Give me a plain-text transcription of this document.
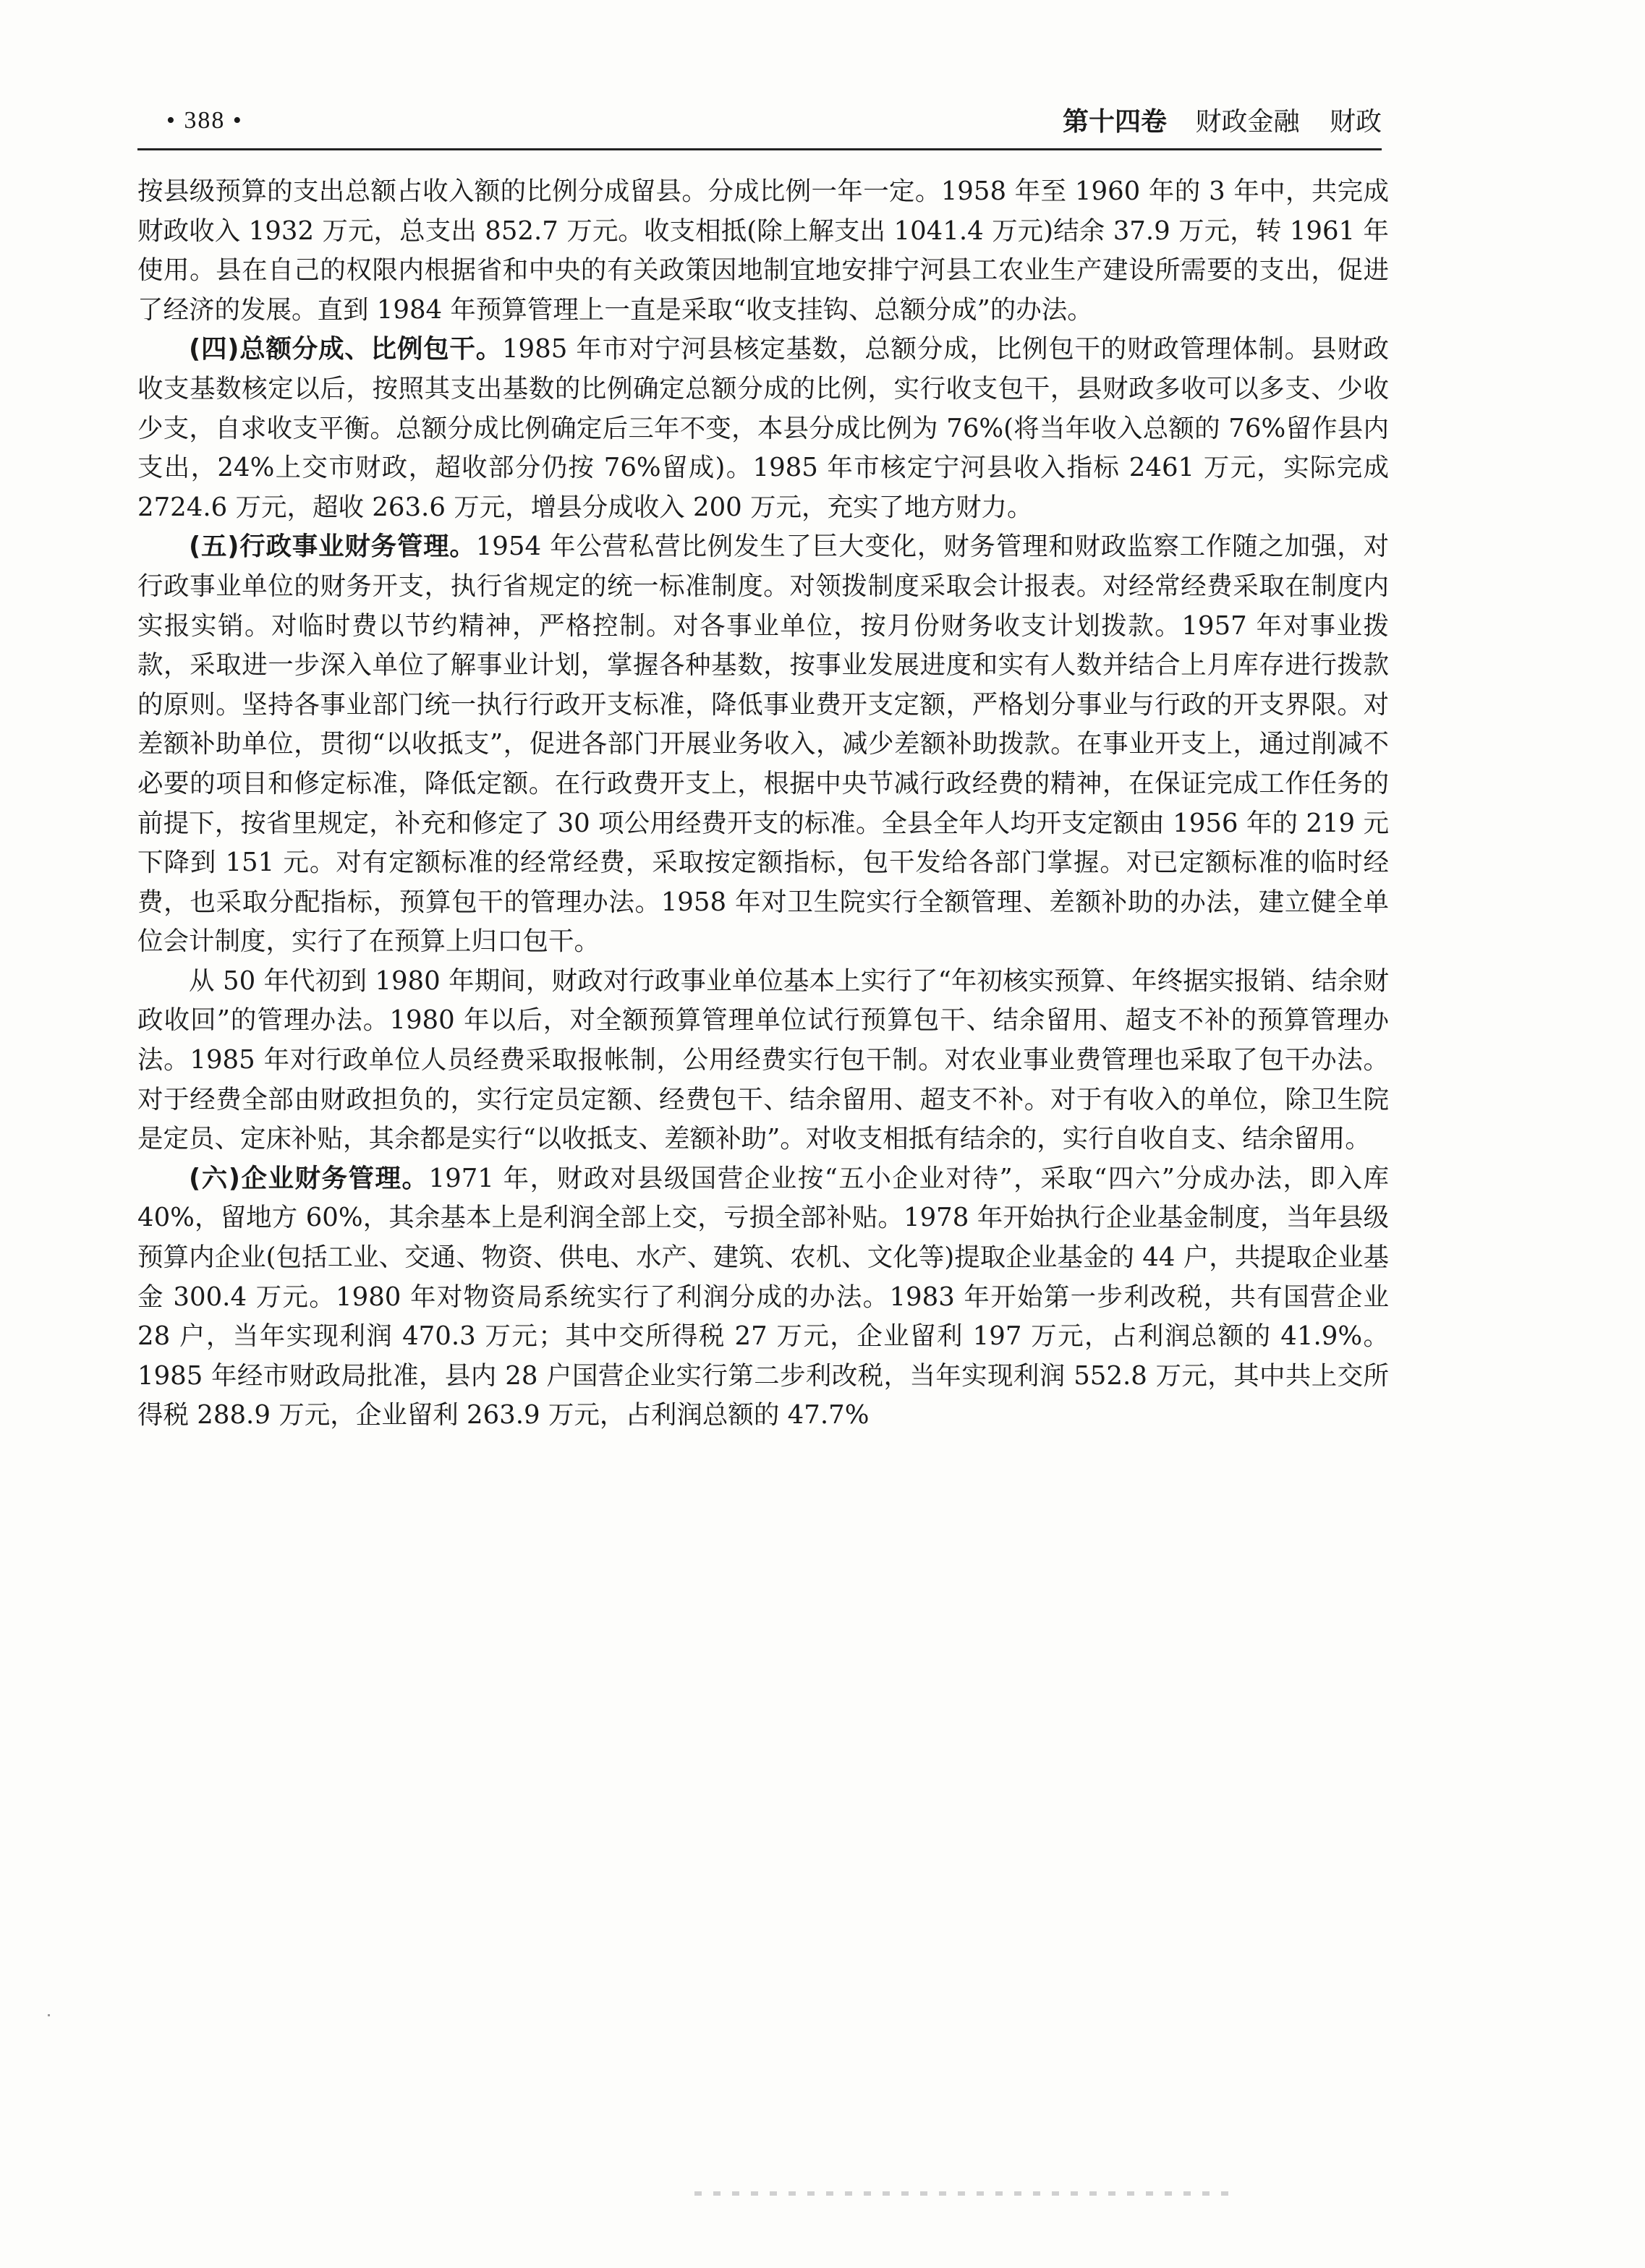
• 388 •	第十四卷 财政金融 财政

按县级预算的支出总额占收入额的比例分成留县。分成比例一年一定。1958 年至 1960 年的 3 年中，共完成财政收入 1932 万元，总支出 852.7 万元。收支相抵(除上解支出 1041.4 万元)结余 37.9 万元，转 1961 年使用。县在自己的权限内根据省和中央的有关政策因地制宜地安排宁河县工农业生产建设所需要的支出，促进了经济的发展。直到 1984 年预算管理上一直是采取“收支挂钩、总额分成”的办法。

(四)总额分成、比例包干。1985 年市对宁河县核定基数，总额分成，比例包干的财政管理体制。县财政收支基数核定以后，按照其支出基数的比例确定总额分成的比例，实行收支包干，县财政多收可以多支、少收少支，自求收支平衡。总额分成比例确定后三年不变，本县分成比例为 76%(将当年收入总额的 76%留作县内支出，24%上交市财政，超收部分仍按 76%留成)。1985 年市核定宁河县收入指标 2461 万元，实际完成 2724.6 万元，超收 263.6 万元，增县分成收入 200 万元，充实了地方财力。

(五)行政事业财务管理。1954 年公营私营比例发生了巨大变化，财务管理和财政监察工作随之加强，对行政事业单位的财务开支，执行省规定的统一标准制度。对领拨制度采取会计报表。对经常经费采取在制度内实报实销。对临时费以节约精神，严格控制。对各事业单位，按月份财务收支计划拨款。1957 年对事业拨款，采取进一步深入单位了解事业计划，掌握各种基数，按事业发展进度和实有人数并结合上月库存进行拨款的原则。坚持各事业部门统一执行行政开支标准，降低事业费开支定额，严格划分事业与行政的开支界限。对差额补助单位，贯彻“以收抵支”，促进各部门开展业务收入，减少差额补助拨款。在事业开支上，通过削减不必要的项目和修定标准，降低定额。在行政费开支上，根据中央节减行政经费的精神，在保证完成工作任务的前提下，按省里规定，补充和修定了 30 项公用经费开支的标准。全县全年人均开支定额由 1956 年的 219 元下降到 151 元。对有定额标准的经常经费，采取按定额指标，包干发给各部门掌握。对已定额标准的临时经费，也采取分配指标，预算包干的管理办法。1958 年对卫生院实行全额管理、差额补助的办法，建立健全单位会计制度，实行了在预算上归口包干。

从 50 年代初到 1980 年期间，财政对行政事业单位基本上实行了“年初核实预算、年终据实报销、结余财政收回”的管理办法。1980 年以后，对全额预算管理单位试行预算包干、结余留用、超支不补的预算管理办法。1985 年对行政单位人员经费采取报帐制，公用经费实行包干制。对农业事业费管理也采取了包干办法。对于经费全部由财政担负的，实行定员定额、经费包干、结余留用、超支不补。对于有收入的单位，除卫生院是定员、定床补贴，其余都是实行“以收抵支、差额补助”。对收支相抵有结余的，实行自收自支、结余留用。

(六)企业财务管理。1971 年，财政对县级国营企业按“五小企业对待”，采取“四六”分成办法，即入库 40%，留地方 60%，其余基本上是利润全部上交，亏损全部补贴。1978 年开始执行企业基金制度，当年县级预算内企业(包括工业、交通、物资、供电、水产、建筑、农机、文化等)提取企业基金的 44 户，共提取企业基金 300.4 万元。1980 年对物资局系统实行了利润分成的办法。1983 年开始第一步利改税，共有国营企业 28 户，当年实现利润 470.3 万元；其中交所得税 27 万元，企业留利 197 万元，占利润总额的 41.9%。1985 年经市财政局批准，县内 28 户国营企业实行第二步利改税，当年实现利润 552.8 万元，其中共上交所得税 288.9 万元，企业留利 263.9 万元，占利润总额的 47.7%
